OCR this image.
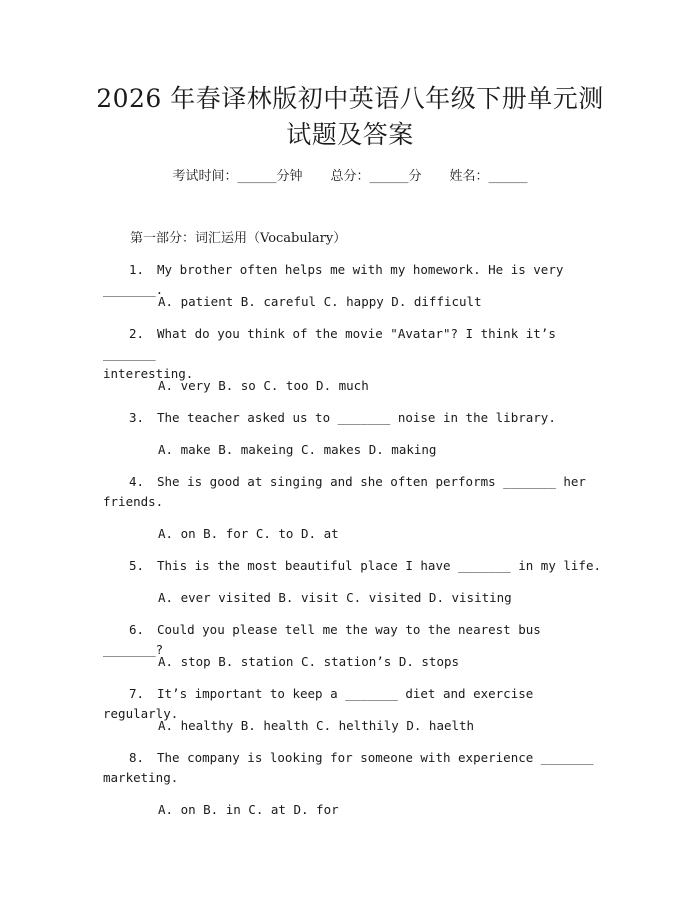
2026 年春译林版初中英语八年级下册单元测
试题及答案
考试时间：______分钟 总分：______分 姓名：______
第一部分：词汇运用（Vocabulary）
1. My brother often helps me with my homework. He is very _______.
A. patient B. careful C. happy D. difficult
2. What do you think of the movie "Avatar"? I think it’s _______
interesting.
A. very B. so C. too D. much
3. The teacher asked us to _______ noise in the library.
A. make B. makeing C. makes D. making
4. She is good at singing and she often performs _______ her
friends.
A. on B. for C. to D. at
5. This is the most beautiful place I have _______ in my life.
A. ever visited B. visit C. visited D. visiting
6. Could you please tell me the way to the nearest bus _______?
A. stop B. station C. station’s D. stops
7. It’s important to keep a _______ diet and exercise regularly.
A. healthy B. health C. helthily D. haelth
8. The company is looking for someone with experience _______
marketing.
A. on B. in C. at D. for
